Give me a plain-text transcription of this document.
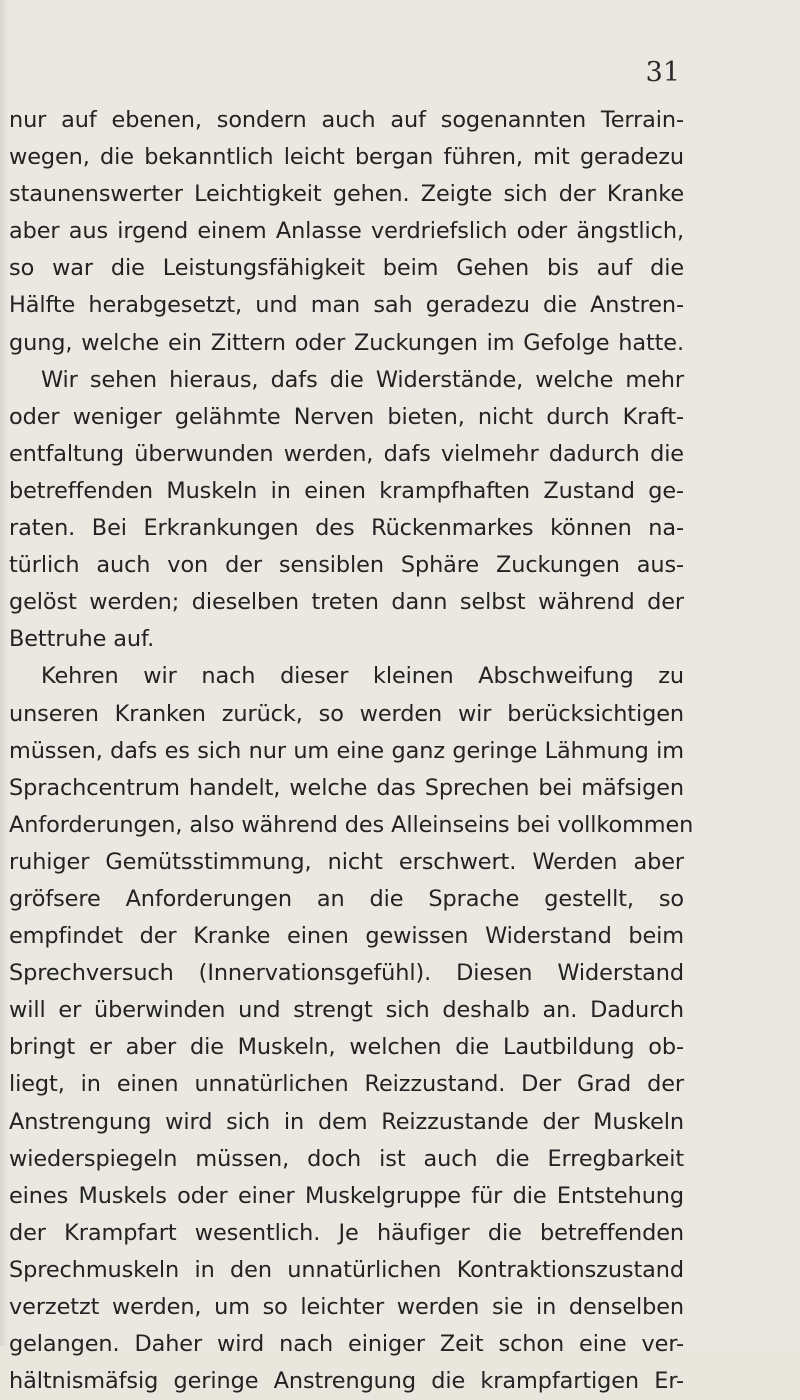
31
nur auf ebenen, sondern auch auf sogenannten Terrain-
wegen, die bekanntlich leicht bergan führen, mit geradezu
staunenswerter Leichtigkeit gehen. Zeigte sich der Kranke
aber aus irgend einem Anlasse verdriefslich oder ängstlich,
so war die Leistungsfähigkeit beim Gehen bis auf die
Hälfte herabgesetzt, und man sah geradezu die Anstren-
gung, welche ein Zittern oder Zuckungen im Gefolge hatte.
Wir sehen hieraus, dafs die Widerstände, welche mehr
oder weniger gelähmte Nerven bieten, nicht durch Kraft-
entfaltung überwunden werden, dafs vielmehr dadurch die
betreffenden Muskeln in einen krampfhaften Zustand ge-
raten. Bei Erkrankungen des Rückenmarkes können na-
türlich auch von der sensiblen Sphäre Zuckungen aus-
gelöst werden; dieselben treten dann selbst während der
Bettruhe auf.
Kehren wir nach dieser kleinen Abschweifung zu
unseren Kranken zurück, so werden wir berücksichtigen
müssen, dafs es sich nur um eine ganz geringe Lähmung im
Sprachcentrum handelt, welche das Sprechen bei mäfsigen
Anforderungen, also während des Alleinseins bei vollkommen
ruhiger Gemütsstimmung, nicht erschwert. Werden aber
gröfsere Anforderungen an die Sprache gestellt, so
empfindet der Kranke einen gewissen Widerstand beim
Sprechversuch (Innervationsgefühl). Diesen Widerstand
will er überwinden und strengt sich deshalb an. Dadurch
bringt er aber die Muskeln, welchen die Lautbildung ob-
liegt, in einen unnatürlichen Reizzustand. Der Grad der
Anstrengung wird sich in dem Reizzustande der Muskeln
wiederspiegeln müssen, doch ist auch die Erregbarkeit
eines Muskels oder einer Muskelgruppe für die Entstehung
der Krampfart wesentlich. Je häufiger die betreffenden
Sprechmuskeln in den unnatürlichen Kontraktionszustand
verzetzt werden, um so leichter werden sie in denselben
gelangen. Daher wird nach einiger Zeit schon eine ver-
hältnismäfsig geringe Anstrengung die krampfartigen Er-
